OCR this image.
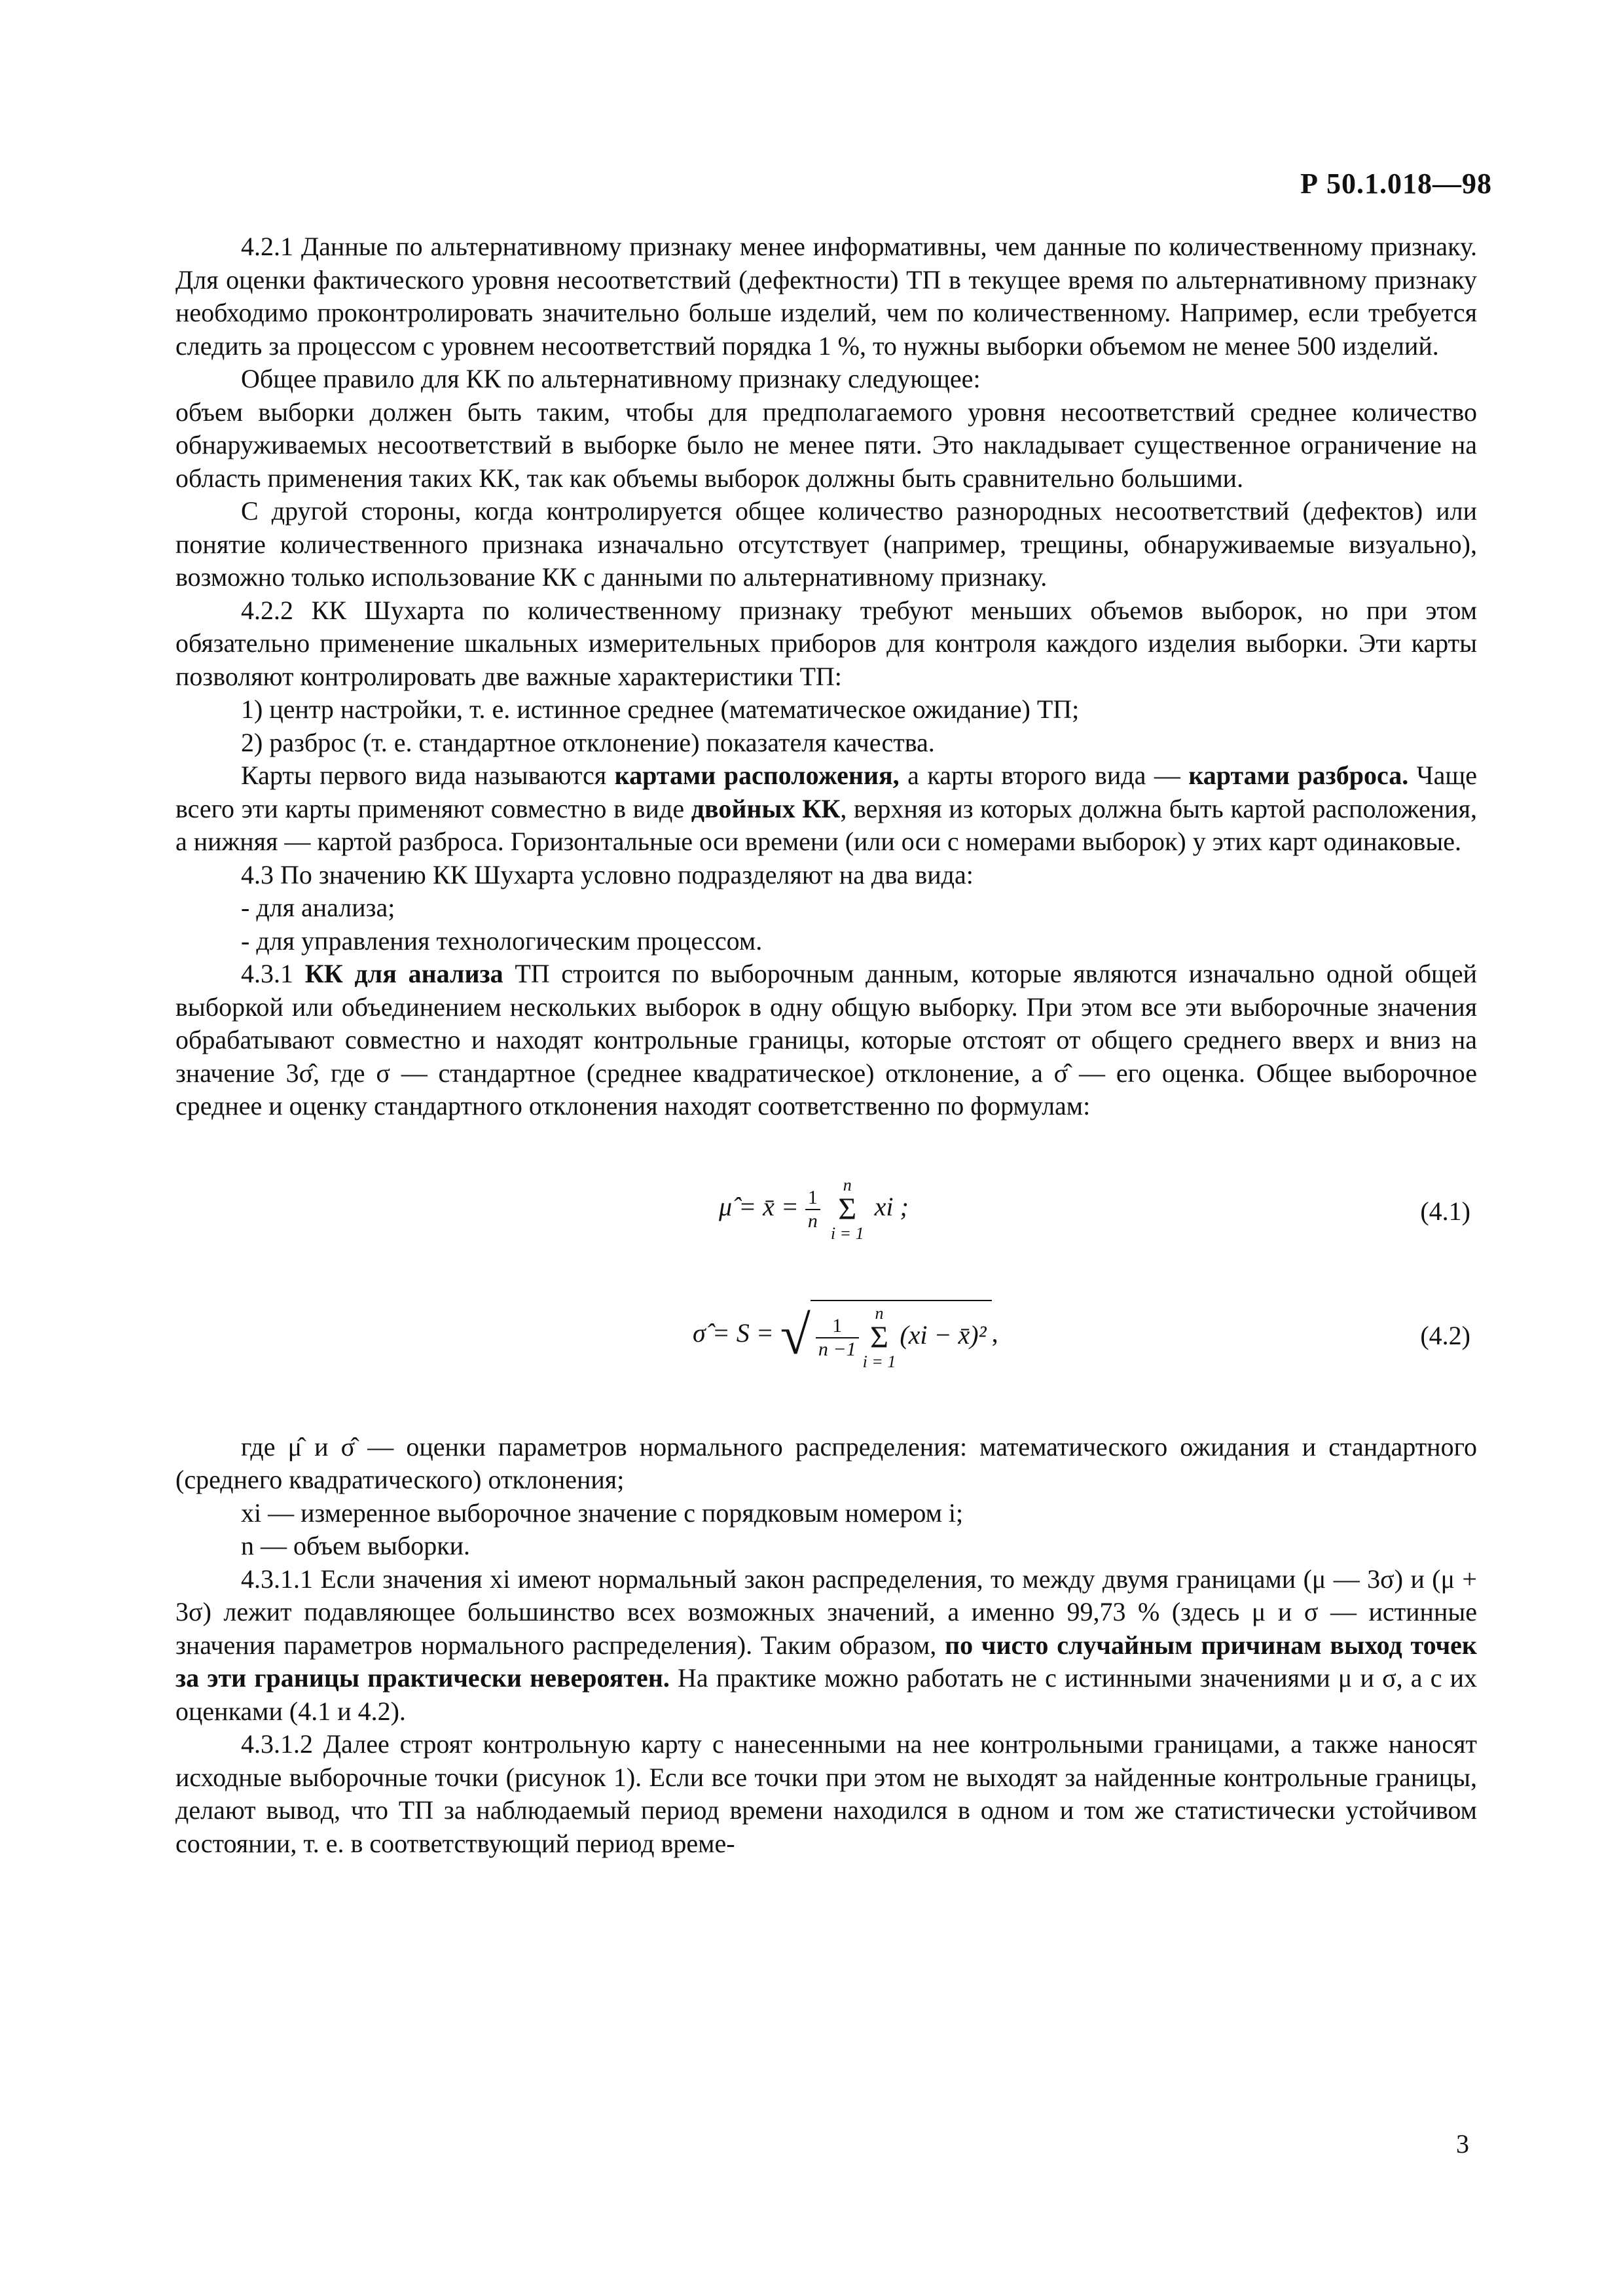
Р 50.1.018—98

4.2.1 Данные по альтернативному признаку менее информативны, чем данные по количественному признаку. Для оценки фактического уровня несоответствий (дефектности) ТП в текущее время по альтернативному признаку необходимо проконтролировать значительно больше изделий, чем по количественному. Например, если требуется следить за процессом с уровнем несоответствий порядка 1 %, то нужны выборки объемом не менее 500 изделий.

Общее правило для КК по альтернативному признаку следующее:

объем выборки должен быть таким, чтобы для предполагаемого уровня несоответствий среднее количество обнаруживаемых несоответствий в выборке было не менее пяти. Это накладывает существенное ограничение на область применения таких КК, так как объемы выборок должны быть сравнительно большими.

С другой стороны, когда контролируется общее количество разнородных несоответствий (дефектов) или понятие количественного признака изначально отсутствует (например, трещины, обнаруживаемые визуально), возможно только использование КК с данными по альтернативному признаку.

4.2.2 КК Шухарта по количественному признаку требуют меньших объемов выборок, но при этом обязательно применение шкальных измерительных приборов для контроля каждого изделия выборки. Эти карты позволяют контролировать две важные характеристики ТП:

1) центр настройки, т. е. истинное среднее (математическое ожидание) ТП;

2) разброс (т. е. стандартное отклонение) показателя качества.

Карты первого вида называются картами расположения, а карты второго вида — картами разброса. Чаще всего эти карты применяют совместно в виде двойных КК, верхняя из которых должна быть картой расположения, а нижняя — картой разброса. Горизонтальные оси времени (или оси с номерами выборок) у этих карт одинаковые.

4.3 По значению КК Шухарта условно подразделяют на два вида:

- для анализа;

- для управления технологическим процессом.

4.3.1 КК для анализа ТП строится по выборочным данным, которые являются изначально одной общей выборкой или объединением нескольких выборок в одну общую выборку. При этом все эти выборочные значения обрабатывают совместно и находят контрольные границы, которые отстоят от общего среднего вверх и вниз на значение 3σ̂, где σ — стандартное (среднее квадратическое) отклонение, а σ̂ — его оценка. Общее выборочное среднее и оценку стандартного отклонения находят соответственно по формулам:

μ̂ = x̄ = $\frac{1}{n}$

n
Σ
i = 1
xi ;	(4.1)
σ̂ = S = √ $\frac{1}{n -1}$
n
Σ
i = 1
(xi − x̄)² ,	(4.2)

где μ̂ и σ̂ — оценки параметров нормального распределения: математического ожидания и стандартного (среднего квадратического) отклонения;

xi — измеренное выборочное значение с порядковым номером i;

n — объем выборки.

4.3.1.1 Если значения xi имеют нормальный закон распределения, то между двумя границами (μ — 3σ) и (μ + 3σ) лежит подавляющее большинство всех возможных значений, а именно 99,73 % (здесь μ и σ — истинные значения параметров нормального распределения). Таким образом, по чисто случайным причинам выход точек за эти границы практически невероятен. На практике можно работать не с истинными значениями μ и σ, а с их оценками (4.1 и 4.2).

4.3.1.2 Далее строят контрольную карту с нанесенными на нее контрольными границами, а также наносят исходные выборочные точки (рисунок 1). Если все точки при этом не выходят за найденные контрольные границы, делают вывод, что ТП за наблюдаемый период времени находился в одном и том же статистически устойчивом состоянии, т. е. в соответствующий период време-

3
